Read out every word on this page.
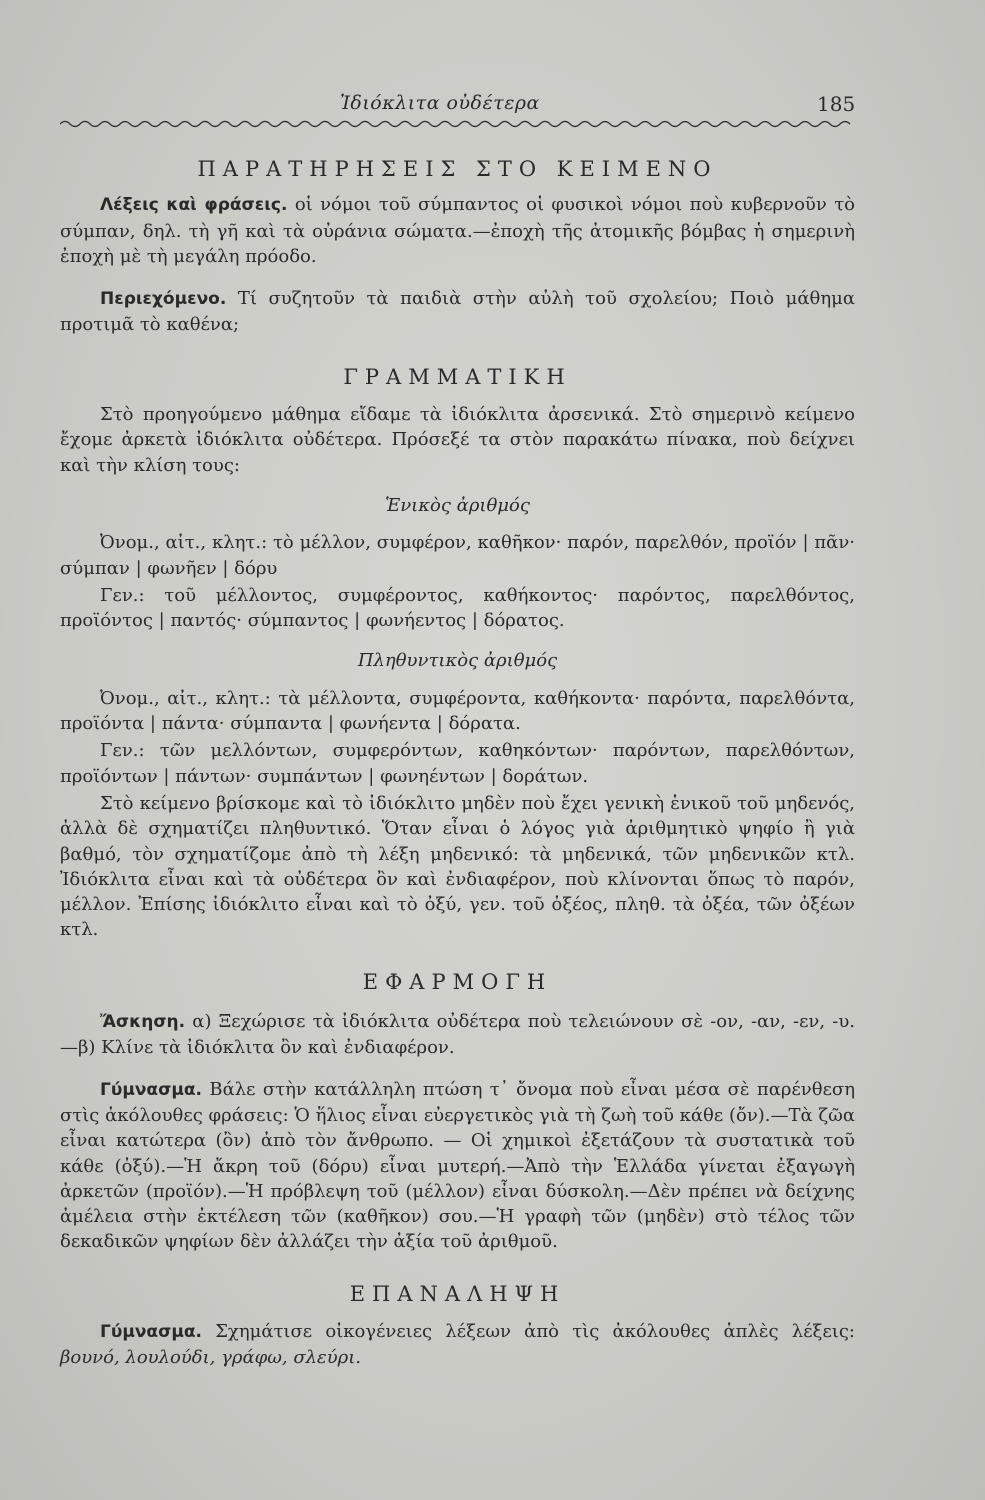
Ἰδιόκλιτα οὐδέτερα	185

ΠΑΡΑΤΗΡΗΣΕΙΣ ΣΤΟ ΚΕΙΜΕΝΟ

Λέξεις καὶ φράσεις. οἱ νόμοι τοῦ σύμπαντος οἱ φυσικοὶ νόμοι ποὺ κυβερνοῦν τὸ σύμπαν, δηλ. τὴ γῆ καὶ τὰ οὐράνια σώματα.—ἐποχὴ τῆς ἀτομικῆς βόμβας ἡ σημερινὴ ἐποχὴ μὲ τὴ μεγάλη πρόοδο.

Περιεχόμενο. Τί συζητοῦν τὰ παιδιὰ στὴν αὐλὴ τοῦ σχολείου; Ποιὸ μάθημα προτιμᾶ τὸ καθένα;

ΓΡΑΜΜΑΤΙΚΗ

Στὸ προηγούμενο μάθημα εἴδαμε τὰ ἰδιόκλιτα ἀρσενικά. Στὸ σημερινὸ κείμενο ἔχομε ἀρκετὰ ἰδιόκλιτα οὐδέτερα. Πρόσεξέ τα στὸν παρακάτω πίνακα, ποὺ δείχνει καὶ τὴν κλίση τους:

Ἑνικὸς ἀριθμός

Ὀνομ., αἰτ., κλητ.: τὸ μέλλον, συμφέρον, καθῆκον· παρόν, παρελθόν, προϊόν | πᾶν· σύμπαν | φωνῆεν | δόρυ

Γεν.: τοῦ μέλλοντος, συμφέροντος, καθήκοντος· παρόντος, παρελθόντος, προϊόντος | παντός· σύμπαντος | φωνήεντος | δόρατος.

Πληθυντικὸς ἀριθμός

Ὀνομ., αἰτ., κλητ.: τὰ μέλλοντα, συμφέροντα, καθήκοντα· παρόντα, παρελθόντα, προϊόντα | πάντα· σύμπαντα | φωνήεντα | δόρατα.

Γεν.: τῶν μελλόντων, συμφερόντων, καθηκόντων· παρόντων, παρελθόντων, προϊόντων | πάντων· συμπάντων | φωνηέντων | δοράτων.

Στὸ κείμενο βρίσκομε καὶ τὸ ἰδιόκλιτο μηδὲν ποὺ ἔχει γενικὴ ἑνικοῦ τοῦ μηδενός, ἀλλὰ δὲ σχηματίζει πληθυντικό. Ὅταν εἶναι ὁ λόγος γιὰ ἀριθμητικὸ ψηφίο ἢ γιὰ βαθμό, τὸν σχηματίζομε ἀπὸ τὴ λέξη μηδενικό: τὰ μηδενικά, τῶν μηδενικῶν κτλ. Ἰδιόκλιτα εἶναι καὶ τὰ οὐδέτερα ὂν καὶ ἐνδιαφέρον, ποὺ κλίνονται ὅπως τὸ παρόν, μέλλον. Ἐπίσης ἰδιόκλιτο εἶναι καὶ τὸ ὀξύ, γεν. τοῦ ὀξέος, πληθ. τὰ ὀξέα, τῶν ὀξέων κτλ.

ΕΦΑΡΜΟΓΗ

Ἄσκηση. α) Ξεχώρισε τὰ ἰδιόκλιτα οὐδέτερα ποὺ τελειώνουν σὲ -ον, -αν, -εν, -υ.—β) Κλίνε τὰ ἰδιόκλιτα ὂν καὶ ἐνδιαφέρον.

Γύμνασμα. Βάλε στὴν κατάλληλη πτώση τ᾽ ὄνομα ποὺ εἶναι μέσα σὲ παρένθεση στὶς ἀκόλουθες φράσεις: Ὁ ἥλιος εἶναι εὐεργετικὸς γιὰ τὴ ζωὴ τοῦ κάθε (ὄν).—Τὰ ζῶα εἶναι κατώτερα (ὂν) ἀπὸ τὸν ἄνθρωπο. — Οἱ χημικοὶ ἐξετάζουν τὰ συστατικὰ τοῦ κάθε (ὀξύ).—Ἡ ἄκρη τοῦ (δόρυ) εἶναι μυτερή.—Ἀπὸ τὴν Ἑλλάδα γίνεται ἐξαγωγὴ ἀρκετῶν (προϊόν).—Ἡ πρόβλεψη τοῦ (μέλλον) εἶναι δύσκολη.—Δὲν πρέπει νὰ δείχνης ἀμέλεια στὴν ἐκτέλεση τῶν (καθῆκον) σου.—Ἡ γραφὴ τῶν (μηδὲν) στὸ τέλος τῶν δεκαδικῶν ψηφίων δὲν ἀλλάζει τὴν ἀξία τοῦ ἀριθμοῦ.

ΕΠΑΝΑΛΗΨΗ

Γύμνασμα. Σχημάτισε οἰκογένειες λέξεων ἀπὸ τὶς ἀκόλουθες ἁπλὲς λέξεις: βουνό, λουλούδι, γράφω, σλεύρι.
